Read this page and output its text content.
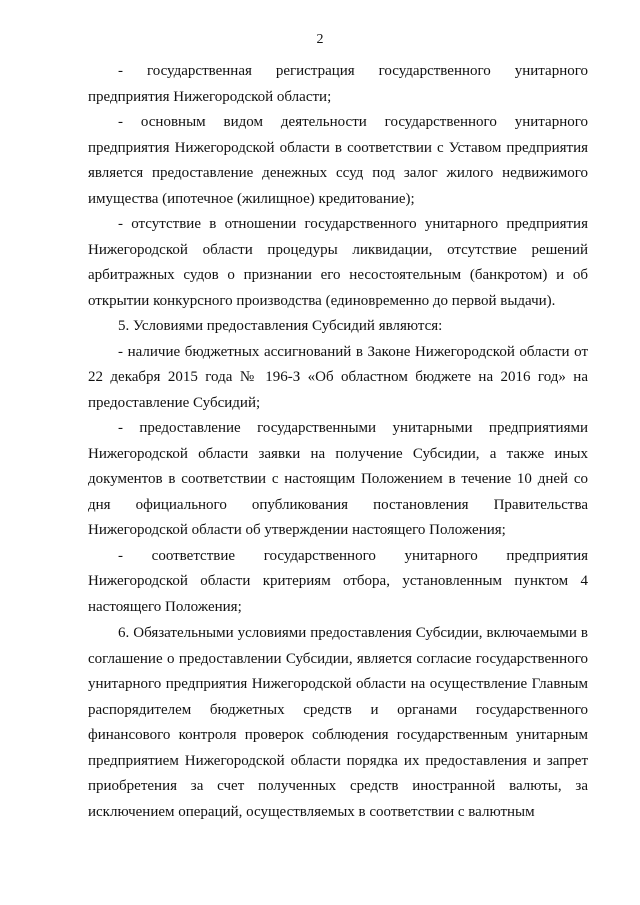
2

- государственная регистрация государственного унитарного предприятия Нижегородской области;

- основным видом деятельности государственного унитарного предприятия Нижегородской области в соответствии с Уставом предприятия является предоставление денежных ссуд под залог жилого недвижимого имущества (ипотечное (жилищное) кредитование);

- отсутствие в отношении государственного унитарного предприятия Нижегородской области процедуры ликвидации, отсутствие решений арбитражных судов о признании его несостоятельным (банкротом) и об открытии конкурсного производства (единовременно до первой выдачи).

5. Условиями предоставления Субсидий являются:

- наличие бюджетных ассигнований в Законе Нижегородской области от 22 декабря 2015 года № 196-З «Об областном бюджете на 2016 год» на предоставление Субсидий;

- предоставление государственными унитарными предприятиями Нижегородской области заявки на получение Субсидии, а также иных документов в соответствии с настоящим Положением в течение 10 дней со дня официального опубликования постановления Правительства Нижегородской области об утверждении настоящего Положения;

- соответствие государственного унитарного предприятия Нижегородской области критериям отбора, установленным пунктом 4 настоящего Положения;

6. Обязательными условиями предоставления Субсидии, включаемыми в соглашение о предоставлении Субсидии, является согласие государственного унитарного предприятия Нижегородской области на осуществление Главным распорядителем бюджетных средств и органами государственного финансового контроля проверок соблюдения государственным унитарным предприятием Нижегородской области порядка их предоставления и запрет приобретения за счет полученных средств иностранной валюты, за исключением операций, осуществляемых в соответствии с валютным
